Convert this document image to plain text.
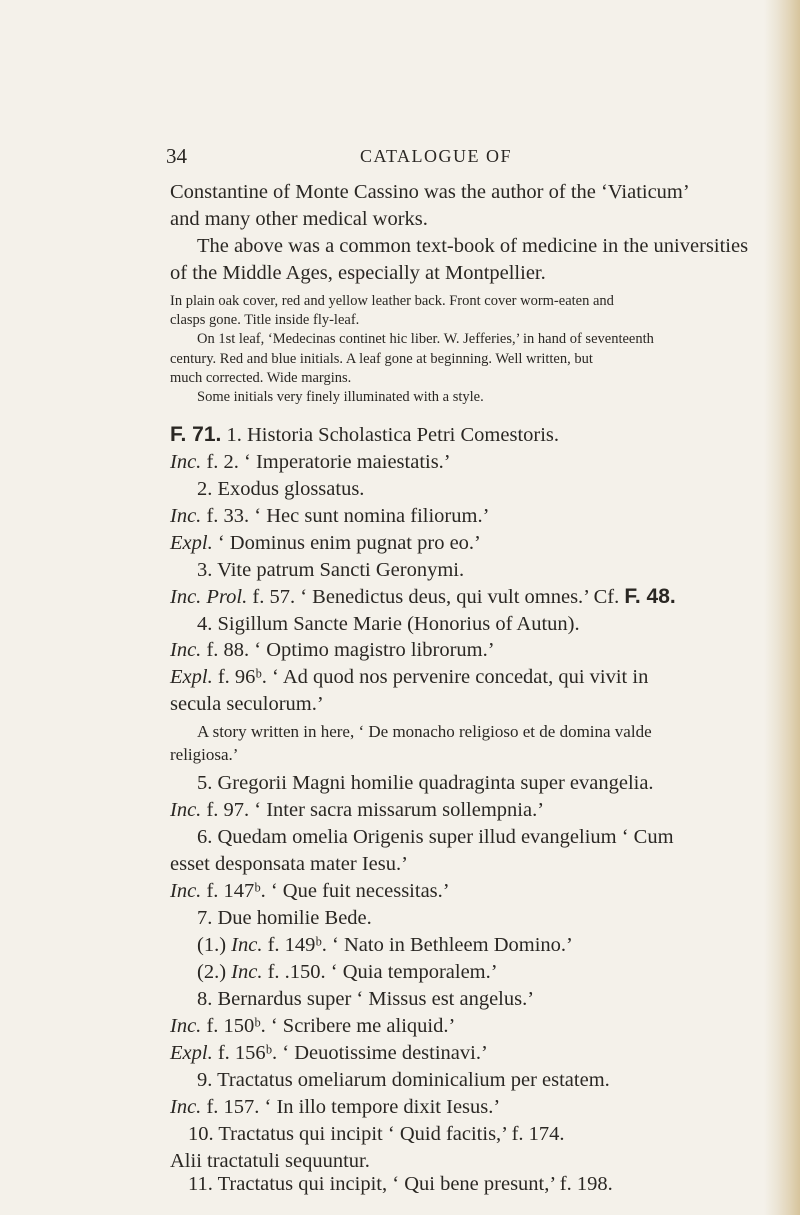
34	CATALOGUE OF
Constantine of Monte Cassino was the author of the ‘Viaticum’
and many other medical works.
The above was a common text-book of medicine in the universities
of the Middle Ages, especially at Montpellier.
In plain oak cover, red and yellow leather back. Front cover worm-eaten and
clasps gone. Title inside fly-leaf.
On 1st leaf, ‘Medecinas continet hic liber. W. Jefferies,’ in hand of seventeenth
century. Red and blue initials. A leaf gone at beginning. Well written, but
much corrected. Wide margins.
Some initials very finely illuminated with a style.
F. 71. 1. Historia Scholastica Petri Comestoris.
Inc. f. 2. ‘ Imperatorie maiestatis.’
2. Exodus glossatus.
Inc. f. 33. ‘ Hec sunt nomina filiorum.’
Expl. ‘ Dominus enim pugnat pro eo.’
3. Vite patrum Sancti Geronymi.
Inc. Prol. f. 57. ‘ Benedictus deus, qui vult omnes.’ Cf. F. 48.
4. Sigillum Sancte Marie (Honorius of Autun).
Inc. f. 88. ‘ Optimo magistro librorum.’
Expl. f. 96ᵇ. ‘ Ad quod nos pervenire concedat, qui vivit in
secula seculorum.’
A story written in here, ‘ De monacho religioso et de domina valde
religiosa.’
5. Gregorii Magni homilie quadraginta super evangelia.
Inc. f. 97. ‘ Inter sacra missarum sollempnia.’
6. Quedam omelia Origenis super illud evangelium ‘ Cum
esset desponsata mater Iesu.’
Inc. f. 147ᵇ. ‘ Que fuit necessitas.’
7. Due homilie Bede.
(1.) Inc. f. 149ᵇ. ‘ Nato in Bethleem Domino.’
(2.) Inc. f. .150. ‘ Quia temporalem.’
8. Bernardus super ‘ Missus est angelus.’
Inc. f. 150ᵇ. ‘ Scribere me aliquid.’
Expl. f. 156ᵇ. ‘ Deuotissime destinavi.’
9. Tractatus omeliarum dominicalium per estatem.
Inc. f. 157. ‘ In illo tempore dixit Iesus.’
10. Tractatus qui incipit ‘ Quid facitis,’ f. 174.
Alii tractatuli sequuntur.
11. Tractatus qui incipit, ‘ Qui bene presunt,’ f. 198.
